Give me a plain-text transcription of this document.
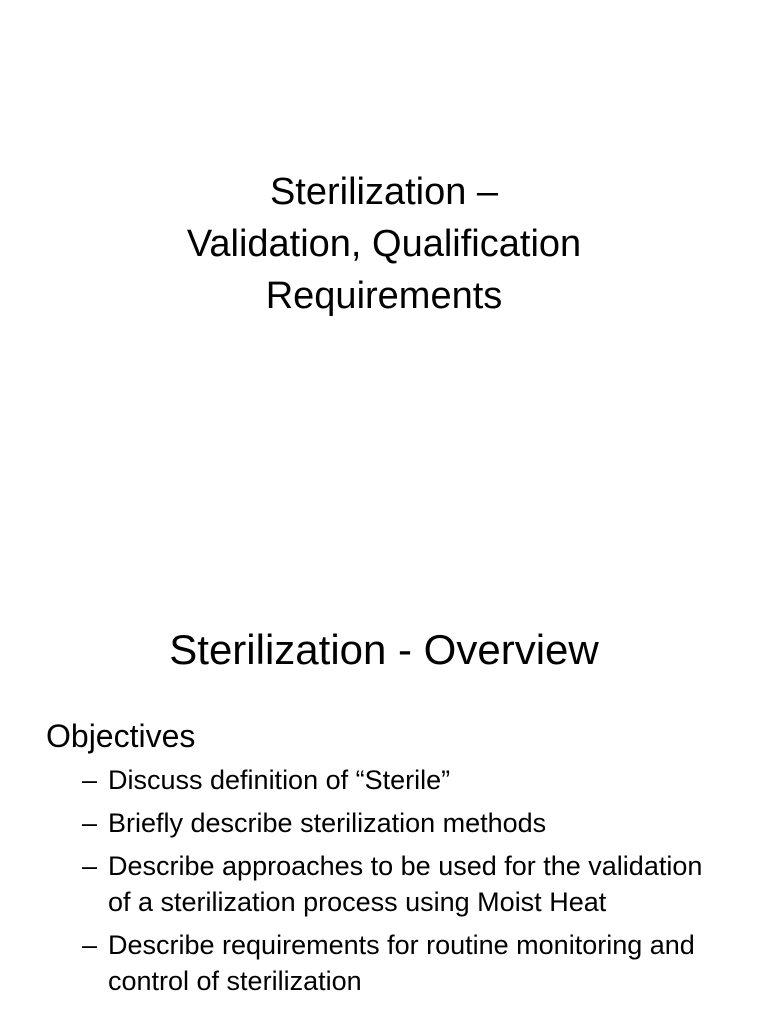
Sterilization –
Validation, Qualification
Requirements
Sterilization - Overview
Objectives
– Discuss definition of “Sterile”
– Briefly describe sterilization methods
– Describe approaches to be used for the validation of a sterilization process using Moist Heat
– Describe requirements for routine monitoring and control of sterilization
